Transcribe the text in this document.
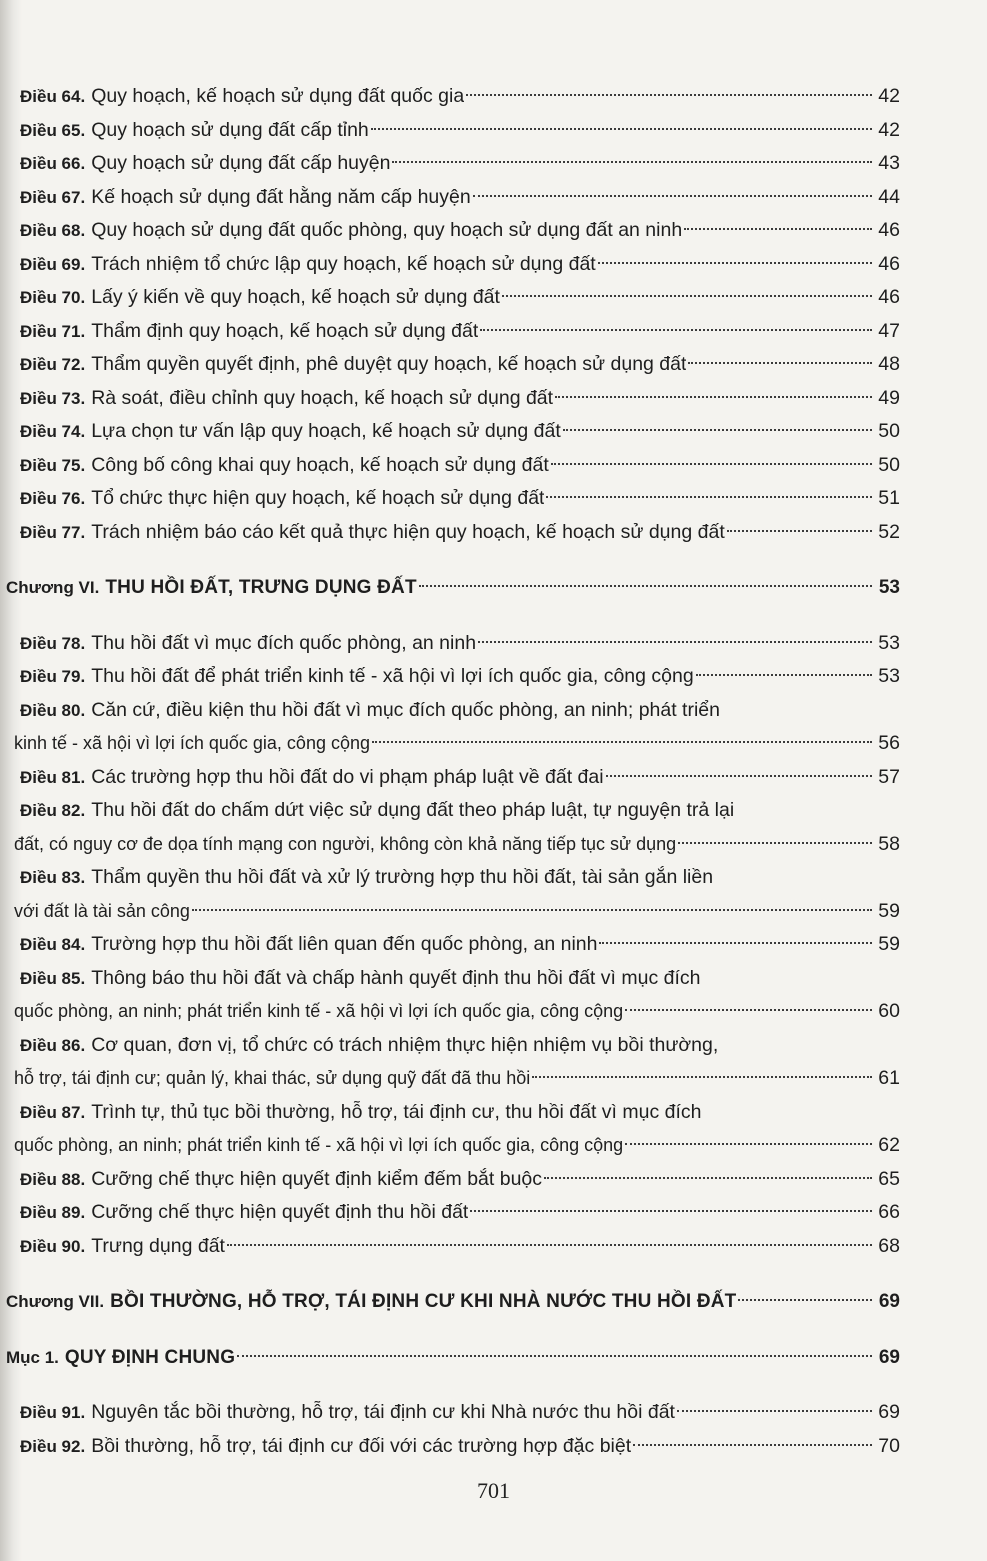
Điều 64. Quy hoạch, kế hoạch sử dụng đất quốc gia	42
Điều 65. Quy hoạch sử dụng đất cấp tỉnh	42
Điều 66. Quy hoạch sử dụng đất cấp huyện	43
Điều 67. Kế hoạch sử dụng đất hằng năm cấp huyện	44
Điều 68. Quy hoạch sử dụng đất quốc phòng, quy hoạch sử dụng đất an ninh	46
Điều 69. Trách nhiệm tổ chức lập quy hoạch, kế hoạch sử dụng đất	46
Điều 70. Lấy ý kiến về quy hoạch, kế hoạch sử dụng đất	46
Điều 71. Thẩm định quy hoạch, kế hoạch sử dụng đất	47
Điều 72. Thẩm quyền quyết định, phê duyệt quy hoạch, kế hoạch sử dụng đất	48
Điều 73. Rà soát, điều chỉnh quy hoạch, kế hoạch sử dụng đất	49
Điều 74. Lựa chọn tư vấn lập quy hoạch, kế hoạch sử dụng đất	50
Điều 75. Công bố công khai quy hoạch, kế hoạch sử dụng đất	50
Điều 76. Tổ chức thực hiện quy hoạch, kế hoạch sử dụng đất	51
Điều 77. Trách nhiệm báo cáo kết quả thực hiện quy hoạch, kế hoạch sử dụng đất	52
Chương VI. THU HỒI ĐẤT, TRƯNG DỤNG ĐẤT	53
Điều 78. Thu hồi đất vì mục đích quốc phòng, an ninh	53
Điều 79. Thu hồi đất để phát triển kinh tế - xã hội vì lợi ích quốc gia, công cộng	53
Điều 80. Căn cứ, điều kiện thu hồi đất vì mục đích quốc phòng, an ninh; phát triển
kinh tế - xã hội vì lợi ích quốc gia, công cộng	56
Điều 81. Các trường hợp thu hồi đất do vi phạm pháp luật về đất đai	57
Điều 82. Thu hồi đất do chấm dứt việc sử dụng đất theo pháp luật, tự nguyện trả lại
đất, có nguy cơ đe dọa tính mạng con người, không còn khả năng tiếp tục sử dụng	58
Điều 83. Thẩm quyền thu hồi đất và xử lý trường hợp thu hồi đất, tài sản gắn liền
với đất là tài sản công	59
Điều 84. Trường hợp thu hồi đất liên quan đến quốc phòng, an ninh	59
Điều 85. Thông báo thu hồi đất và chấp hành quyết định thu hồi đất vì mục đích
quốc phòng, an ninh; phát triển kinh tế - xã hội vì lợi ích quốc gia, công cộng	60
Điều 86. Cơ quan, đơn vị, tổ chức có trách nhiệm thực hiện nhiệm vụ bồi thường,
hỗ trợ, tái định cư; quản lý, khai thác, sử dụng quỹ đất đã thu hồi	61
Điều 87. Trình tự, thủ tục bồi thường, hỗ trợ, tái định cư, thu hồi đất vì mục đích
quốc phòng, an ninh; phát triển kinh tế - xã hội vì lợi ích quốc gia, công cộng	62
Điều 88. Cưỡng chế thực hiện quyết định kiểm đếm bắt buộc	65
Điều 89. Cưỡng chế thực hiện quyết định thu hồi đất	66
Điều 90. Trưng dụng đất	68
Chương VII. BỒI THƯỜNG, HỖ TRỢ, TÁI ĐỊNH CƯ KHI NHÀ NƯỚC THU HỒI ĐẤT	69
Mục 1. QUY ĐỊNH CHUNG	69
Điều 91. Nguyên tắc bồi thường, hỗ trợ, tái định cư khi Nhà nước thu hồi đất	69
Điều 92. Bồi thường, hỗ trợ, tái định cư đối với các trường hợp đặc biệt	70
701
